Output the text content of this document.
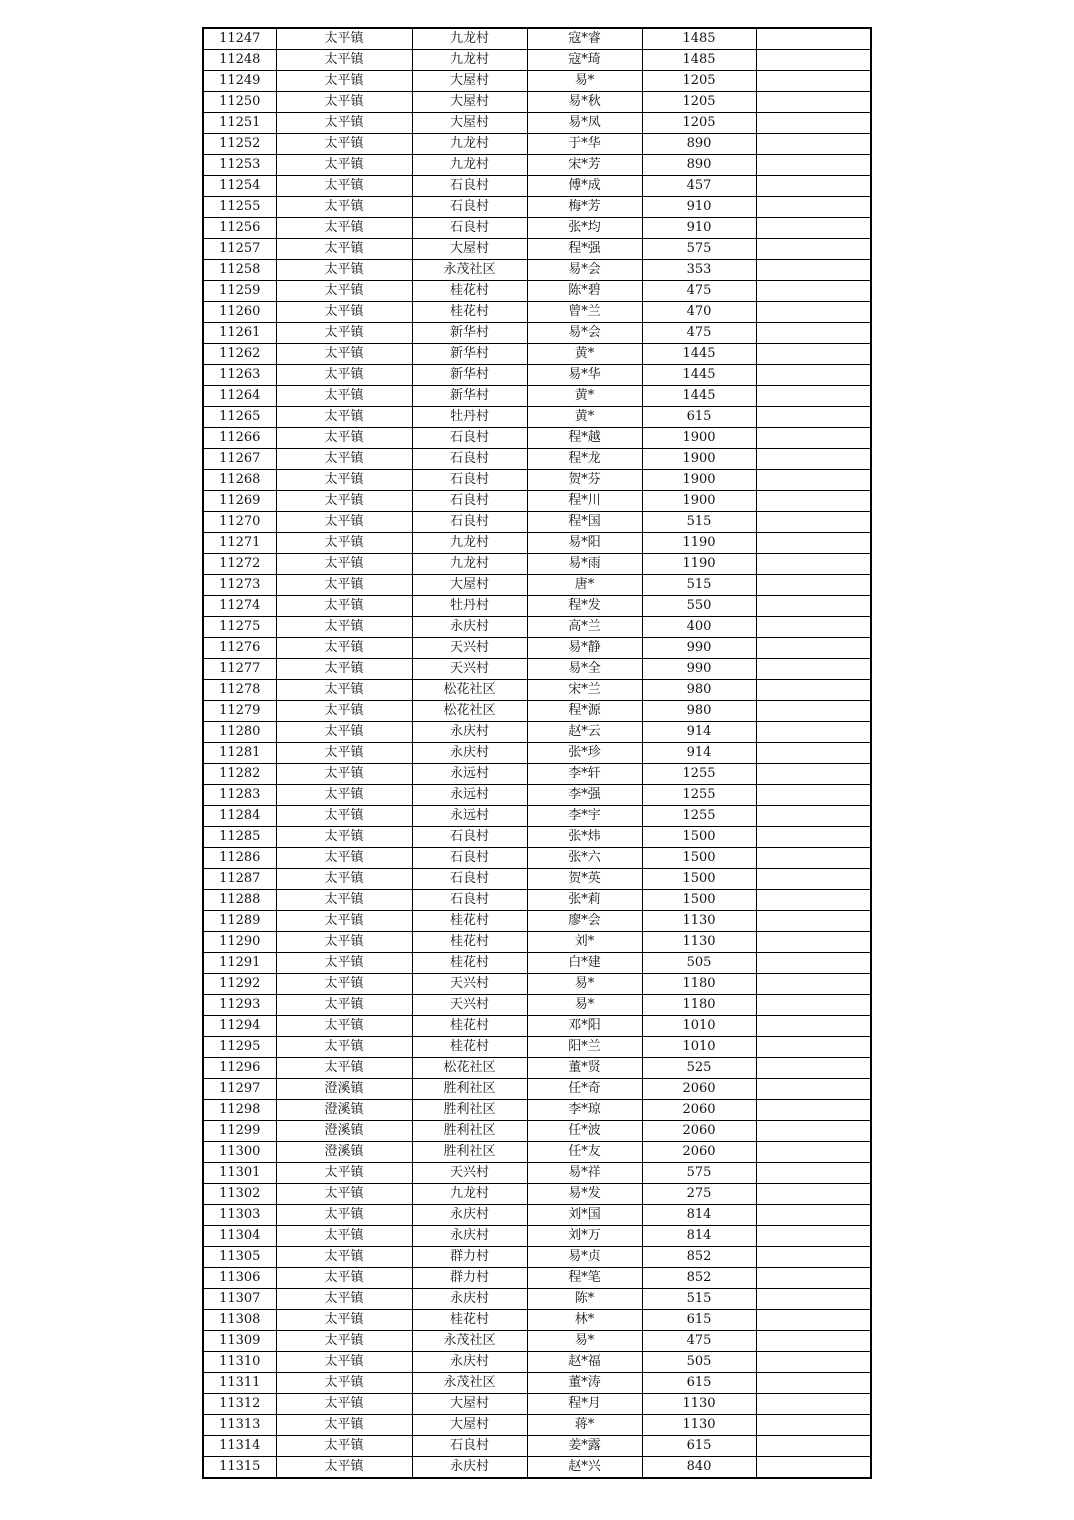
11247	太平镇	九龙村	寇*睿	1485	
11248	太平镇	九龙村	寇*琦	1485	
11249	太平镇	大屋村	易*	1205	
11250	太平镇	大屋村	易*秋	1205	
11251	太平镇	大屋村	易*凤	1205	
11252	太平镇	九龙村	于*华	890	
11253	太平镇	九龙村	宋*芳	890	
11254	太平镇	石良村	傅*成	457	
11255	太平镇	石良村	梅*芳	910	
11256	太平镇	石良村	张*均	910	
11257	太平镇	大屋村	程*强	575	
11258	太平镇	永茂社区	易*会	353	
11259	太平镇	桂花村	陈*碧	475	
11260	太平镇	桂花村	曾*兰	470	
11261	太平镇	新华村	易*会	475	
11262	太平镇	新华村	黄*	1445	
11263	太平镇	新华村	易*华	1445	
11264	太平镇	新华村	黄*	1445	
11265	太平镇	牡丹村	黄*	615	
11266	太平镇	石良村	程*越	1900	
11267	太平镇	石良村	程*龙	1900	
11268	太平镇	石良村	贺*芬	1900	
11269	太平镇	石良村	程*川	1900	
11270	太平镇	石良村	程*国	515	
11271	太平镇	九龙村	易*阳	1190	
11272	太平镇	九龙村	易*雨	1190	
11273	太平镇	大屋村	唐*	515	
11274	太平镇	牡丹村	程*发	550	
11275	太平镇	永庆村	高*兰	400	
11276	太平镇	天兴村	易*静	990	
11277	太平镇	天兴村	易*全	990	
11278	太平镇	松花社区	宋*兰	980	
11279	太平镇	松花社区	程*源	980	
11280	太平镇	永庆村	赵*云	914	
11281	太平镇	永庆村	张*珍	914	
11282	太平镇	永远村	李*轩	1255	
11283	太平镇	永远村	李*强	1255	
11284	太平镇	永远村	李*宇	1255	
11285	太平镇	石良村	张*炜	1500	
11286	太平镇	石良村	张*六	1500	
11287	太平镇	石良村	贺*英	1500	
11288	太平镇	石良村	张*莉	1500	
11289	太平镇	桂花村	廖*会	1130	
11290	太平镇	桂花村	刘*	1130	
11291	太平镇	桂花村	白*建	505	
11292	太平镇	天兴村	易*	1180	
11293	太平镇	天兴村	易*	1180	
11294	太平镇	桂花村	邓*阳	1010	
11295	太平镇	桂花村	阳*兰	1010	
11296	太平镇	松花社区	董*贤	525	
11297	澄溪镇	胜利社区	任*奇	2060	
11298	澄溪镇	胜利社区	李*琼	2060	
11299	澄溪镇	胜利社区	任*波	2060	
11300	澄溪镇	胜利社区	任*友	2060	
11301	太平镇	天兴村	易*祥	575	
11302	太平镇	九龙村	易*发	275	
11303	太平镇	永庆村	刘*国	814	
11304	太平镇	永庆村	刘*万	814	
11305	太平镇	群力村	易*贞	852	
11306	太平镇	群力村	程*笔	852	
11307	太平镇	永庆村	陈*	515	
11308	太平镇	桂花村	林*	615	
11309	太平镇	永茂社区	易*	475	
11310	太平镇	永庆村	赵*福	505	
11311	太平镇	永茂社区	董*涛	615	
11312	太平镇	大屋村	程*月	1130	
11313	太平镇	大屋村	蒋*	1130	
11314	太平镇	石良村	姜*露	615	
11315	太平镇	永庆村	赵*兴	840	
